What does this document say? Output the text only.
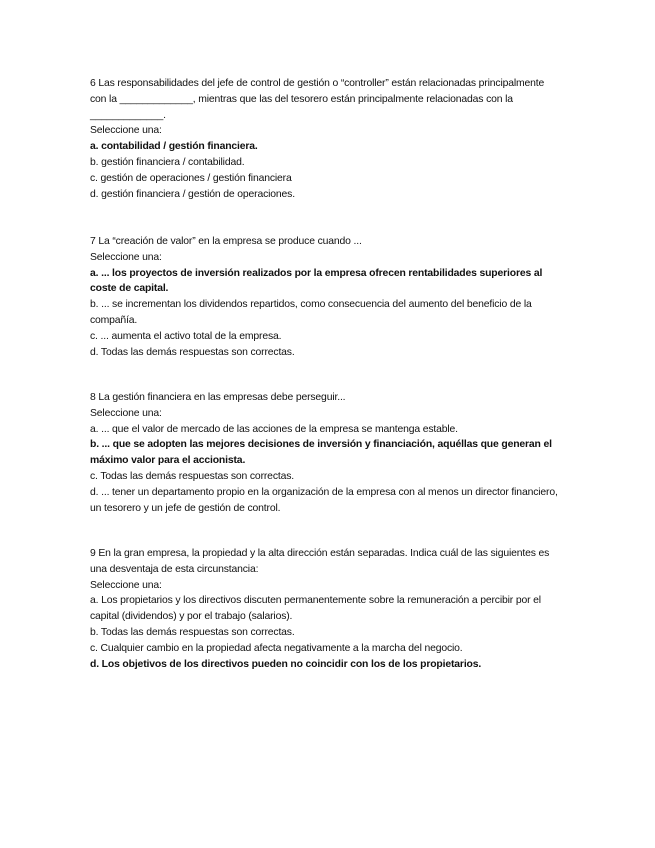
6 Las responsabilidades del jefe de control de gestión o “controller” están relacionadas principalmente con la _____________, mientras que las del tesorero están principalmente relacionadas con la _____________.
Seleccione una:
a. contabilidad / gestión financiera.
b. gestión financiera / contabilidad.
c. gestión de operaciones / gestión financiera
d. gestión financiera / gestión de operaciones.
7 La “creación de valor” en la empresa se produce cuando ...
Seleccione una:
a. ... los proyectos de inversión realizados por la empresa ofrecen rentabilidades superiores al coste de capital.
b. ... se incrementan los dividendos repartidos, como consecuencia del aumento del beneficio de la compañía.
c. ... aumenta el activo total de la empresa.
d. Todas las demás respuestas son correctas.
8 La gestión financiera en las empresas debe perseguir...
Seleccione una:
a. ... que el valor de mercado de las acciones de la empresa se mantenga estable.
b. ... que se adopten las mejores decisiones de inversión y financiación, aquéllas que generan el máximo valor para el accionista.
c. Todas las demás respuestas son correctas.
d. ... tener un departamento propio en la organización de la empresa con al menos un director financiero, un tesorero y un jefe de gestión de control.
9 En la gran empresa, la propiedad y la alta dirección están separadas. Indica cuál de las siguientes es una desventaja de esta circunstancia:
Seleccione una:
a. Los propietarios y los directivos discuten permanentemente sobre la remuneración a percibir por el capital (dividendos) y por el trabajo (salarios).
b. Todas las demás respuestas son correctas.
c. Cualquier cambio en la propiedad afecta negativamente a la marcha del negocio.
d. Los objetivos de los directivos pueden no coincidir con los de los propietarios.
